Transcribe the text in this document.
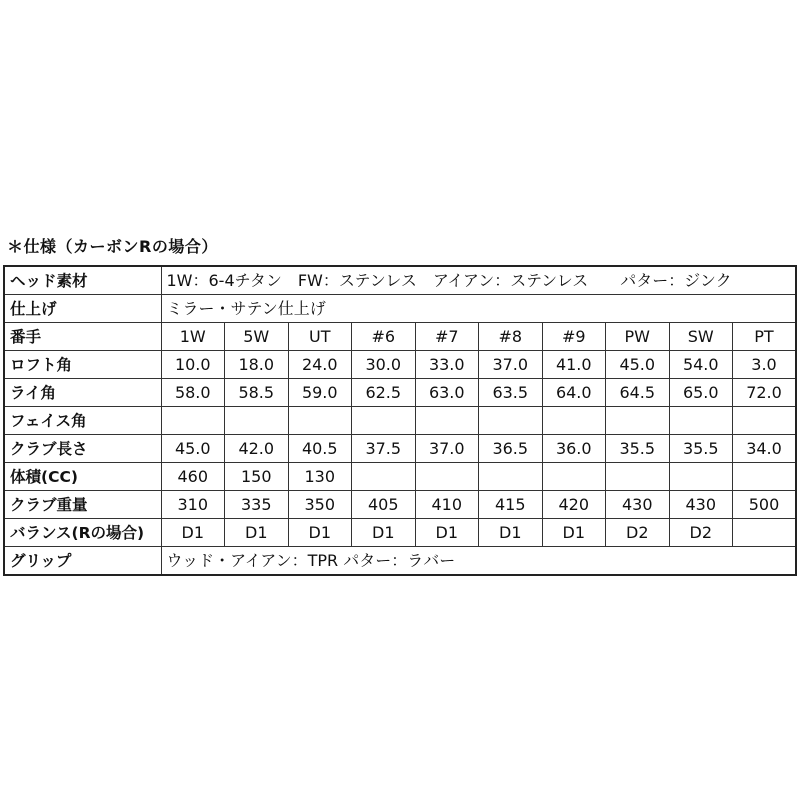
＊仕様（カーボンRの場合）
ヘッド素材	1W：6-4チタン　FW：ステンレス　アイアン：ステンレス　　パター：ジンク									
仕上げ	ミラー・サテン仕上げ									
番手	1W	5W	UT	#6	#7	#8	#9	PW	SW	PT
ロフト角	10.0	18.0	24.0	30.0	33.0	37.0	41.0	45.0	54.0	3.0
ライ角	58.0	58.5	59.0	62.5	63.0	63.5	64.0	64.5	65.0	72.0
フェイス角										
クラブ長さ	45.0	42.0	40.5	37.5	37.0	36.5	36.0	35.5	35.5	34.0
体積(CC)	460	150	130							
クラブ重量	310	335	350	405	410	415	420	430	430	500
バランス(Rの場合)	D1	D1	D1	D1	D1	D1	D1	D2	D2	
グリップ	ウッド・アイアン：TPR パター：ラバー									
